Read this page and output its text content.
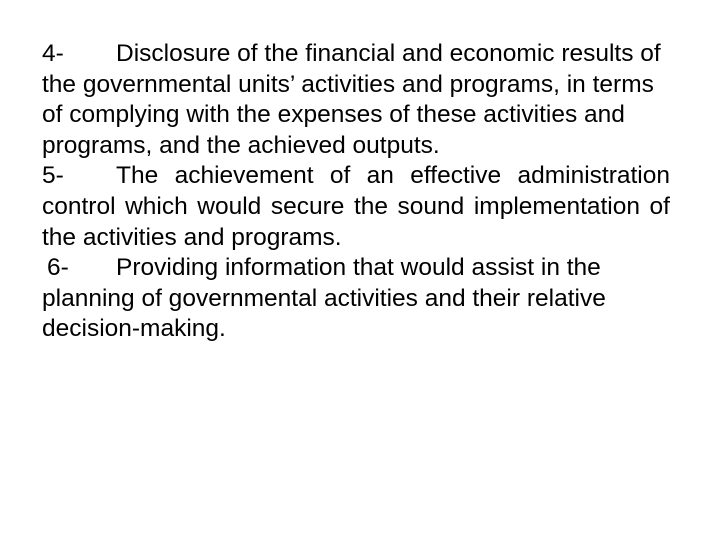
4- Disclosure of the financial and economic results of the governmental units’ activities and programs, in terms of complying with the expenses of these activities and programs, and the achieved outputs.

5- The achievement of an effective administration control which would secure the sound implementation of the activities and programs.

6- Providing information that would assist in the planning of governmental activities and their relative decision-making.
